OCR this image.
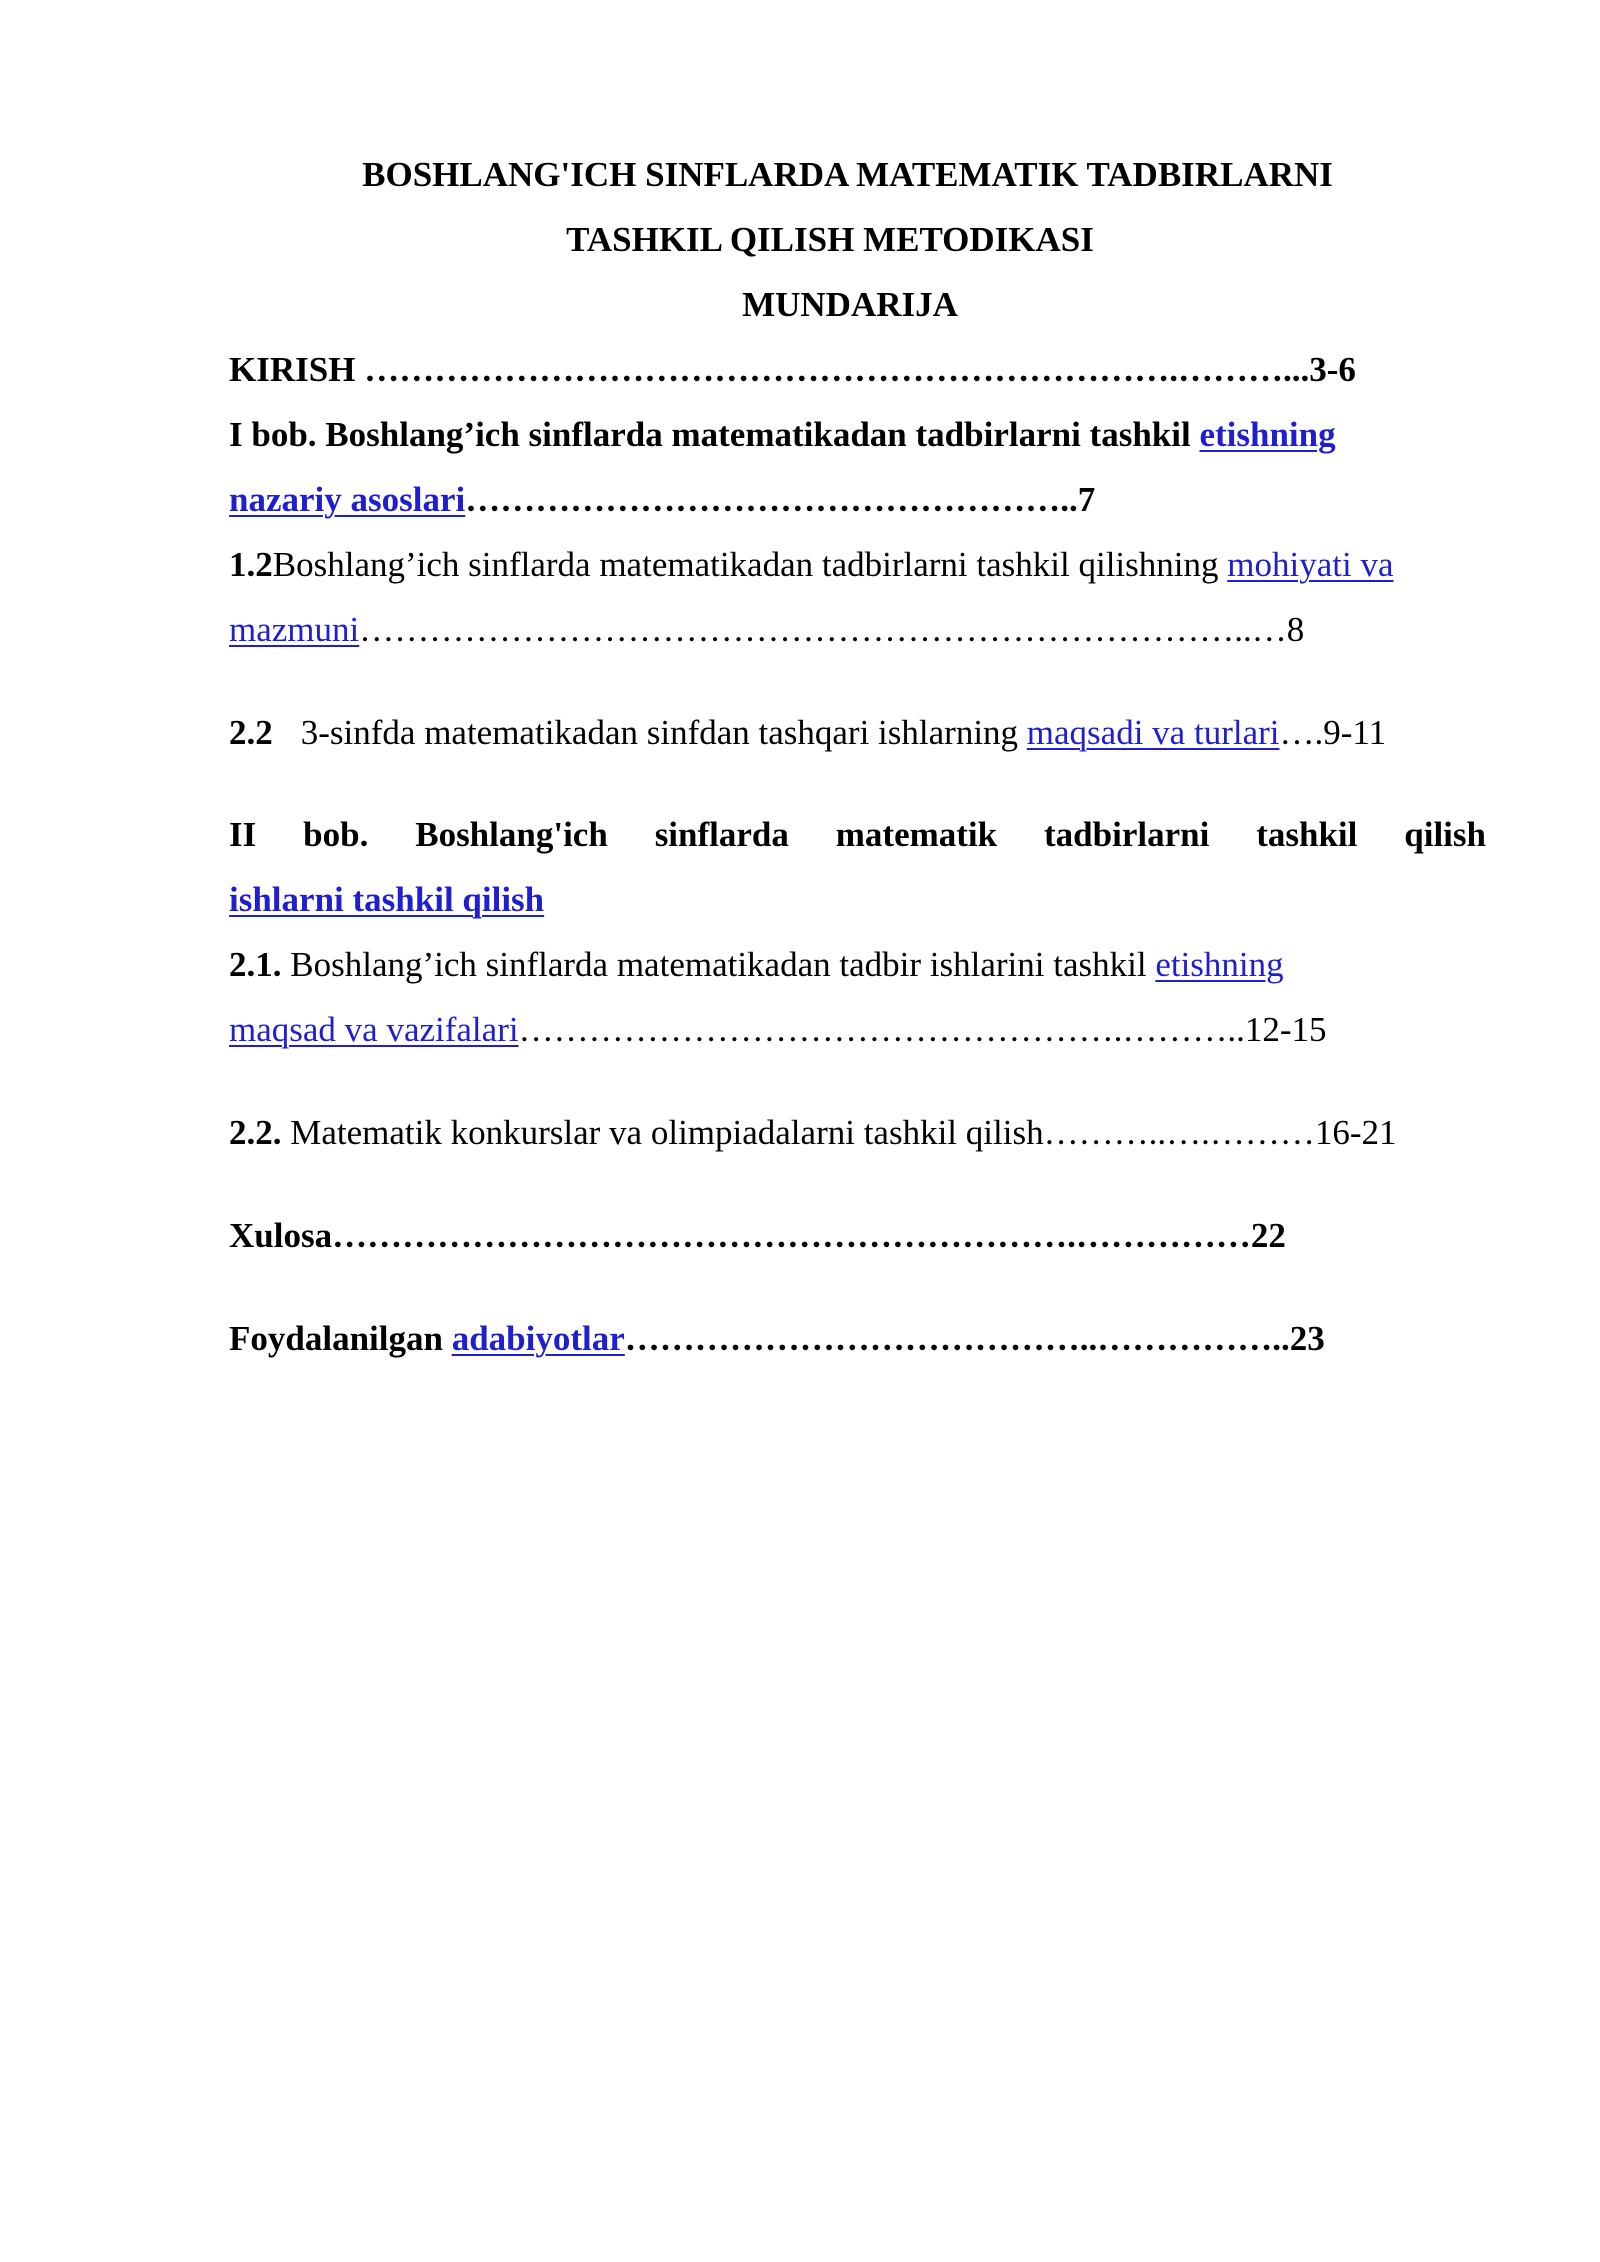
BOSHLANG'ICH SINFLARDA MATEMATIK TADBIRLARNI
TASHKIL QILISH METODIKASI
MUNDARIJA
KIRISH …………………………………………………………….………...3-6
I bob. Boshlang’ich sinflarda matematikadan tadbirlarni tashkil etishning
nazariy asoslari……………………………………………..7
1.2Boshlang’ich sinflarda matematikadan tadbirlarni tashkil qilishning mohiyati va
mazmuni…………………………………………………………………..…8
2.2 3-sinfda matematikadan sinfdan tashqari ishlarning maqsadi va turlari….9-11
II bob. Boshlang'ich sinflarda matematik tadbirlarni tashkil qilish
ishlarni tashkil qilish
2.1. Boshlang’ich sinflarda matematikadan tadbir ishlarini tashkil etishning
maqsad va vazifalari…………………………………………….………..12-15
2.2. Matematik konkurslar va olimpiadalarni tashkil qilish………..….………16-21
Xulosa……………………………………………………….……………22
Foydalanilgan adabiyotlar…………………………………..……………..23
